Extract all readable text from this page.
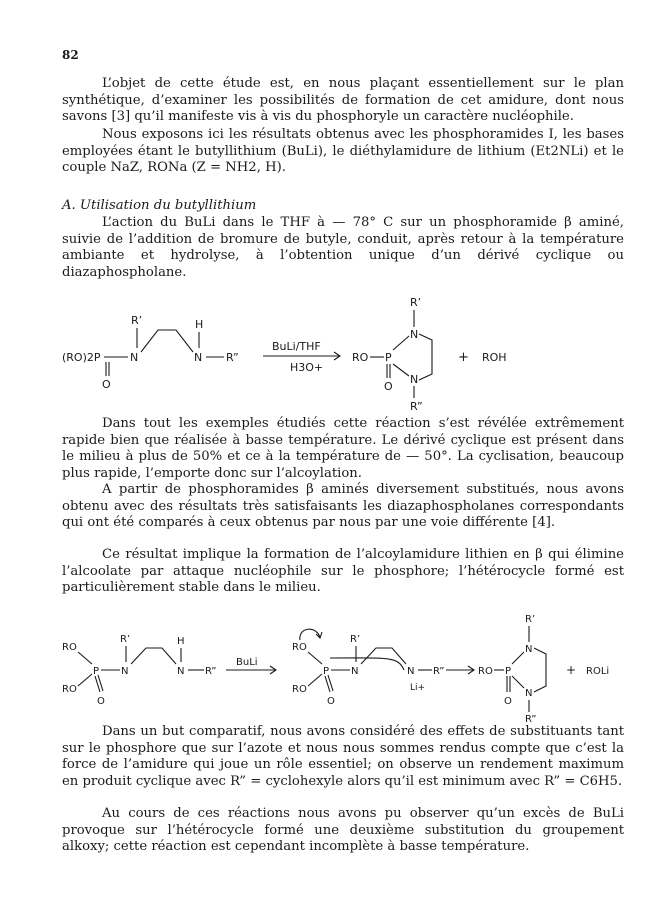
82

L’objet de cette étude est, en nous plaçant essentiellement sur le plan synthétique, d’examiner les possibilités de formation de cet amidure, dont nous savons [3] qu’il manifeste vis à vis du phosphoryle un caractère nucléophile.

Nous exposons ici les résultats obtenus avec les phosphoramides I, les bases employées étant le butyllithium (BuLi), le diéthylamidure de lithium (Et2NLi) et le couple NaZ, RONa (Z = NH2, H).

A. Utilisation du butyllithium

L’action du BuLi dans le THF à — 78° C sur un phosphoramide β aminé, suivie de l’addition de bromure de butyle, conduit, après retour à la température ambiante et hydrolyse, à l’obtention unique d’un dérivé cyclique ou diazaphospholane.

(RO)2P
O
N
R’
N
H
R”
BuLi/THF
H3O+
RO P
O
N
R’
N
R”
+ ROH

Dans tout les exemples étudiés cette réaction s’est révélée extrêmement rapide bien que réalisée à basse température. Le dérivé cyclique est présent dans le milieu à plus de 50% et ce à la température de — 50°. La cyclisation, beaucoup plus rapide, l’emporte donc sur l’alcoylation.

A partir de phosphoramides β aminés diversement substitués, nous avons obtenu avec des résultats très satisfaisants les diazaphospholanes correspondants qui ont été comparés à ceux obtenus par nous par une voie différente [4].

Ce résultat implique la formation de l’alcoylamidure lithien en β qui élimine l’alcoolate par attaque nucléophile sur le phosphore; l’hétérocycle formé est particulièrement stable dans le milieu.

RO
RO
P
O
N
R’
N
H
R”
BuLi
RO
RO
P
O
N
R’
N R”
Li+
RO P
O
N
R’
N
R”
+ ROLi

Dans un but comparatif, nous avons considéré des effets de substituants tant sur le phosphore que sur l’azote et nous nous sommes rendus compte que c’est la force de l’amidure qui joue un rôle essentiel; on observe un rendement maximum en produit cyclique avec R” = cyclohexyle alors qu’il est minimum avec R” = C6H5.

Au cours de ces réactions nous avons pu observer qu’un excès de BuLi provoque sur l’hétérocycle formé une deuxième substitution du groupement alkoxy; cette réaction est cependant incomplète à basse température.
